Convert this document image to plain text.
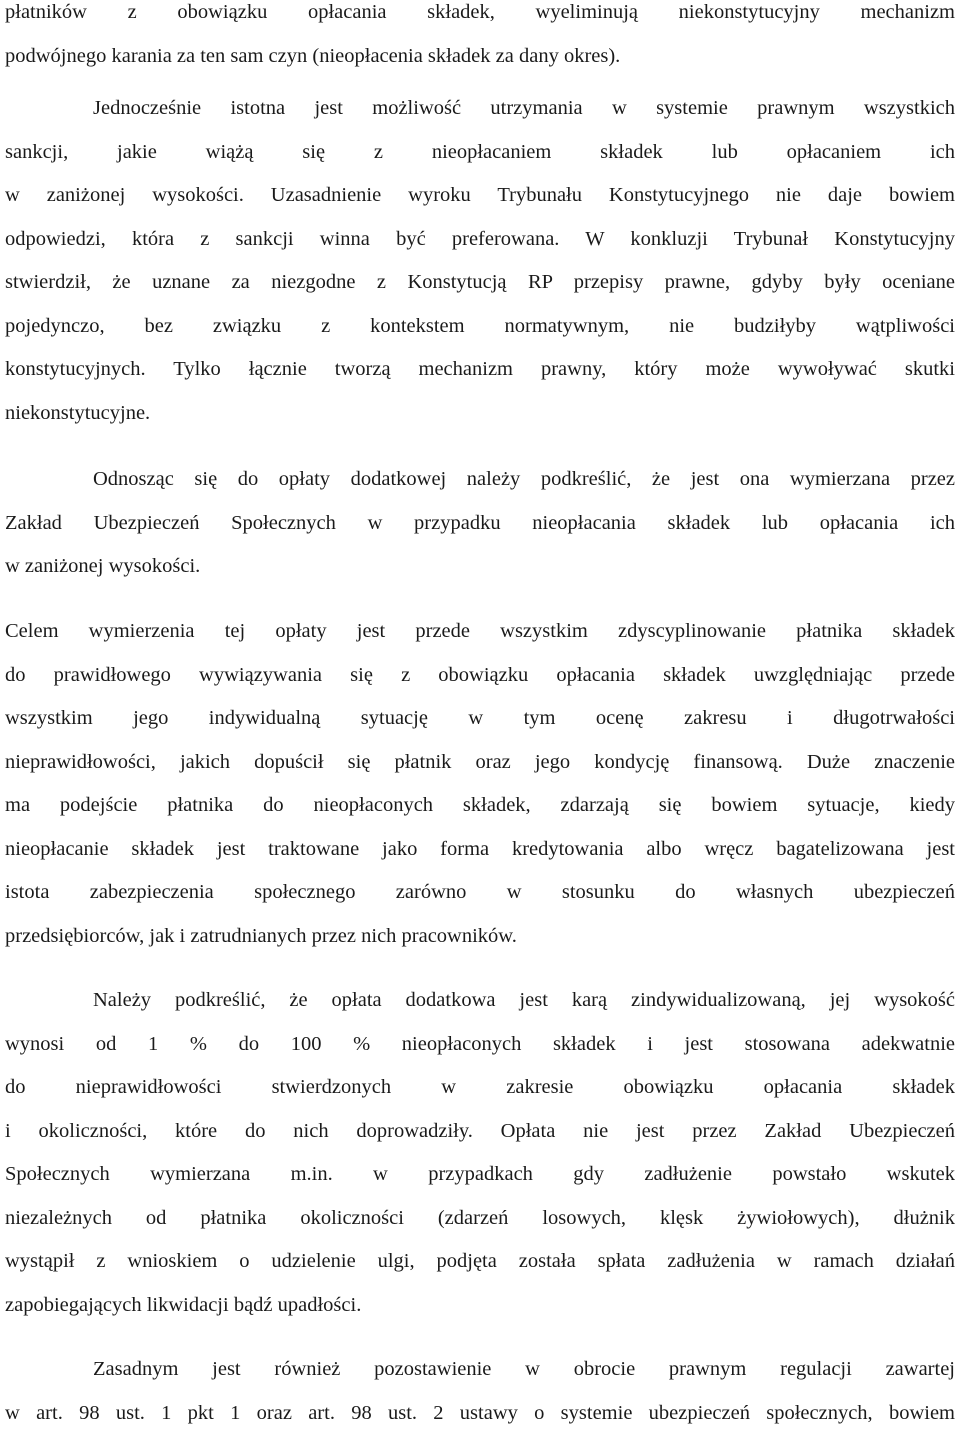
płatników z obowiązku opłacania składek, wyeliminują niekonstytucyjny mechanizm
podwójnego karania za ten sam czyn (nieopłacenia składek za dany okres).
Jednocześnie istotna jest możliwość utrzymania w systemie prawnym wszystkich
sankcji, jakie wiążą się z nieopłacaniem składek lub opłacaniem ich
w zaniżonej wysokości. Uzasadnienie wyroku Trybunału Konstytucyjnego nie daje bowiem
odpowiedzi, która z sankcji winna być preferowana. W konkluzji Trybunał Konstytucyjny
stwierdził, że uznane za niezgodne z Konstytucją RP przepisy prawne, gdyby były oceniane
pojedynczo, bez związku z kontekstem normatywnym, nie budziłyby wątpliwości
konstytucyjnych. Tylko łącznie tworzą mechanizm prawny, który może wywoływać skutki
niekonstytucyjne.
Odnosząc się do opłaty dodatkowej należy podkreślić, że jest ona wymierzana przez
Zakład Ubezpieczeń Społecznych w przypadku nieopłacania składek lub opłacania ich
w zaniżonej wysokości.
Celem wymierzenia tej opłaty jest przede wszystkim zdyscyplinowanie płatnika składek
do prawidłowego wywiązywania się z obowiązku opłacania składek uwzględniając przede
wszystkim jego indywidualną sytuację w tym ocenę zakresu i długotrwałości
nieprawidłowości, jakich dopuścił się płatnik oraz jego kondycję finansową. Duże znaczenie
ma podejście płatnika do nieopłaconych składek, zdarzają się bowiem sytuacje, kiedy
nieopłacanie składek jest traktowane jako forma kredytowania albo wręcz bagatelizowana jest
istota zabezpieczenia społecznego zarówno w stosunku do własnych ubezpieczeń
przedsiębiorców, jak i zatrudnianych przez nich pracowników.
Należy podkreślić, że opłata dodatkowa jest karą zindywidualizowaną, jej wysokość
wynosi od 1 % do 100 % nieopłaconych składek i jest stosowana adekwatnie
do nieprawidłowości stwierdzonych w zakresie obowiązku opłacania składek
i okoliczności, które do nich doprowadziły. Opłata nie jest przez Zakład Ubezpieczeń
Społecznych wymierzana m.in. w przypadkach gdy zadłużenie powstało wskutek
niezależnych od płatnika okoliczności (zdarzeń losowych, klęsk żywiołowych), dłużnik
wystąpił z wnioskiem o udzielenie ulgi, podjęta została spłata zadłużenia w ramach działań
zapobiegających likwidacji bądź upadłości.
Zasadnym jest również pozostawienie w obrocie prawnym regulacji zawartej
w art. 98 ust. 1 pkt 1 oraz art. 98 ust. 2 ustawy o systemie ubezpieczeń społecznych, bowiem
